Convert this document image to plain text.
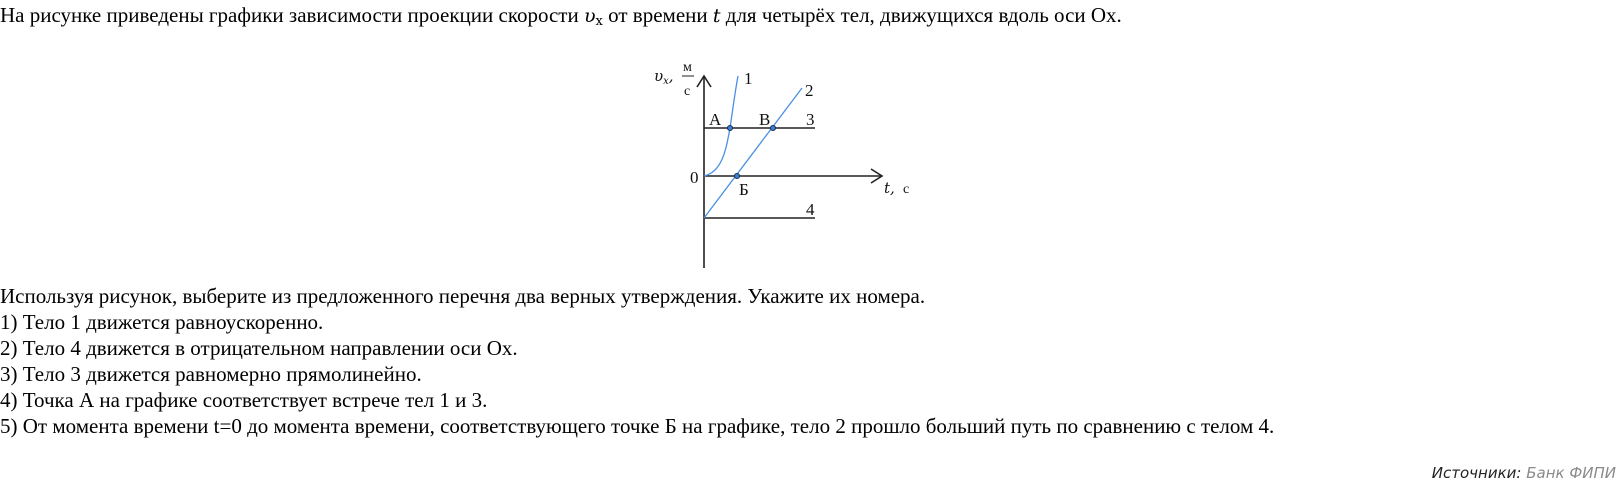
На рисунке приведены графики зависимости проекции скорости $\upsilon_x$ от времени t для четырёх тел, движущихся вдоль оси Ох.
$\upsilon_x$, м
с
1
2
3
4
А В
Б
0
t, с
Используя рисунок, выберите из предложенного перечня два верных утверждения. Укажите их номера.
1) Тело 1 движется равноускоренно.
2) Тело 4 движется в отрицательном направлении оси Ox.
3) Тело 3 движется равномерно прямолинейно.
4) Точка А на графике соответствует встрече тел 1 и 3.
5) От момента времени t=0 до момента времени, соответствующего точке Б на графике, тело 2 прошло больший путь по сравнению с телом 4.
Источники: Банк ФИПИ
